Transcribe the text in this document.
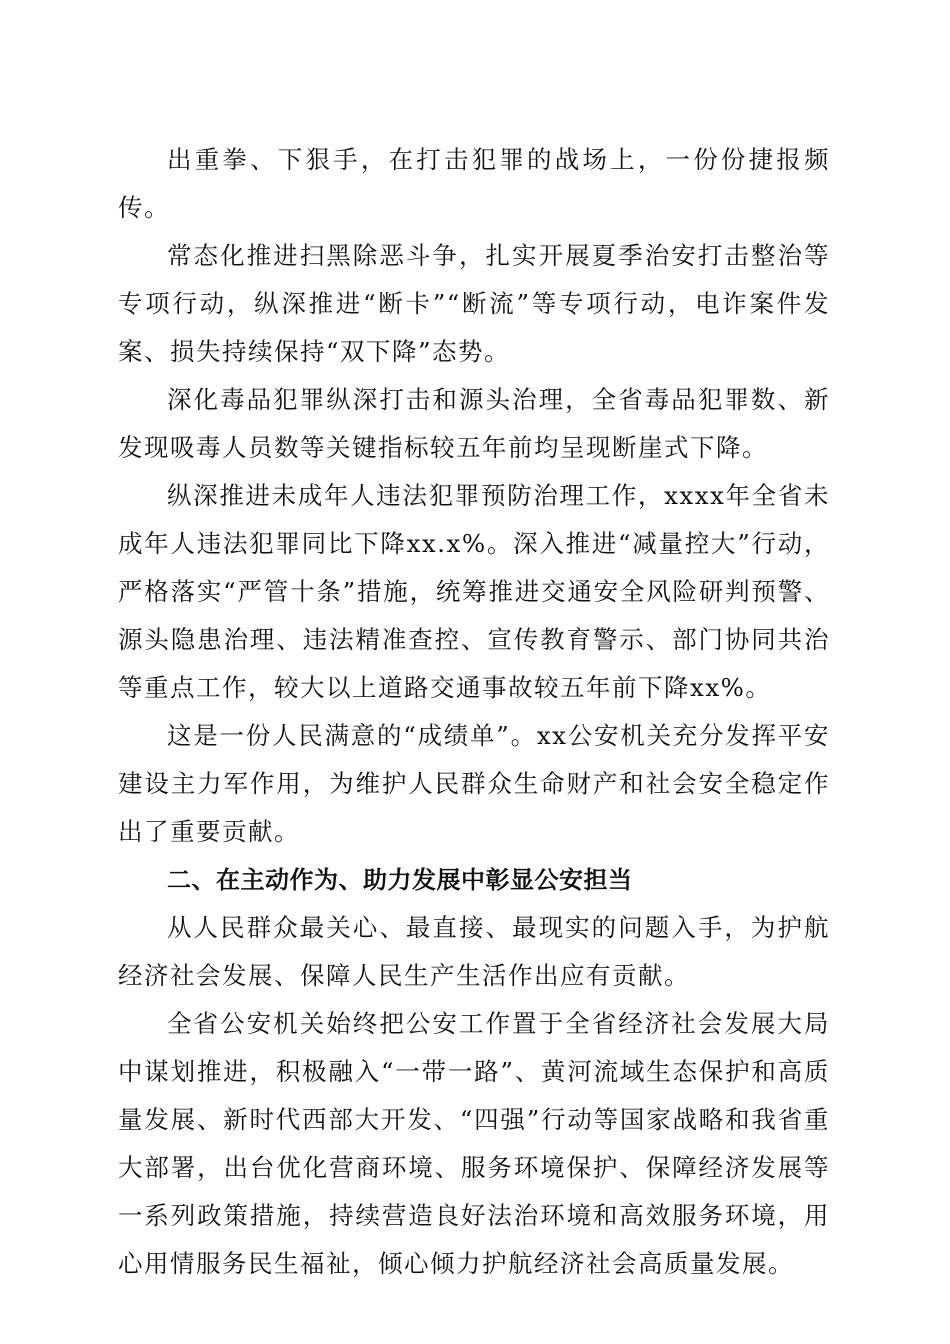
出重拳、下狠手，在打击犯罪的战场上，一份份捷报频传。

常态化推进扫黑除恶斗争，扎实开展夏季治安打击整治等专项行动，纵深推进“断卡”“断流”等专项行动，电诈案件发案、损失持续保持“双下降”态势。

深化毒品犯罪纵深打击和源头治理，全省毒品犯罪数、新发现吸毒人员数等关键指标较五年前均呈现断崖式下降。

纵深推进未成年人违法犯罪预防治理工作，xxxx年全省未成年人违法犯罪同比下降xx.x%。深入推进“减量控大”行动，严格落实“严管十条”措施，统筹推进交通安全风险研判预警、源头隐患治理、违法精准查控、宣传教育警示、部门协同共治等重点工作，较大以上道路交通事故较五年前下降xx%。

这是一份人民满意的“成绩单”。xx公安机关充分发挥平安建设主力军作用，为维护人民群众生命财产和社会安全稳定作出了重要贡献。

二、在主动作为、助力发展中彰显公安担当

从人民群众最关心、最直接、最现实的问题入手，为护航经济社会发展、保障人民生产生活作出应有贡献。

全省公安机关始终把公安工作置于全省经济社会发展大局中谋划推进，积极融入“一带一路”、黄河流域生态保护和高质量发展、新时代西部大开发、“四强”行动等国家战略和我省重大部署，出台优化营商环境、服务环境保护、保障经济发展等一系列政策措施，持续营造良好法治环境和高效服务环境，用心用情服务民生福祉，倾心倾力护航经济社会高质量发展。
